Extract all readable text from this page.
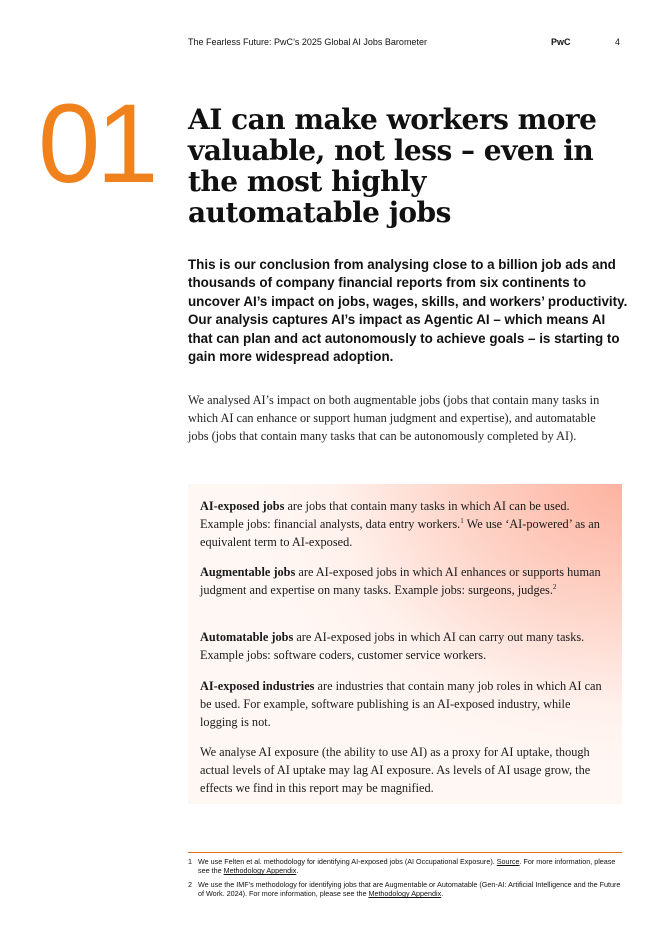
The Fearless Future: PwC’s 2025 Global AI Jobs Barometer	PwC	4
01 AI can make workers more valuable, not less – even in the most highly automatable jobs

This is our conclusion from analysing close to a billion job ads and thousands of company financial reports from six continents to uncover AI’s impact on jobs, wages, skills, and workers’ productivity. Our analysis captures AI’s impact as Agentic AI – which means AI that can plan and act autonomously to achieve goals – is starting to gain more widespread adoption.

We analysed AI’s impact on both augmentable jobs (jobs that contain many tasks in which AI can enhance or support human judgment and expertise), and automatable jobs (jobs that contain many tasks that can be autonomously completed by AI).

AI-exposed jobs are jobs that contain many tasks in which AI can be used. Example jobs: financial analysts, data entry workers.$^1$ We use ‘AI-powered’ as an equivalent term to AI-exposed.

Augmentable jobs are AI-exposed jobs in which AI enhances or supports human judgment and expertise on many tasks. Example jobs: surgeons, judges.$^2$

Automatable jobs are AI-exposed jobs in which AI can carry out many tasks. Example jobs: software coders, customer service workers.

AI-exposed industries are industries that contain many job roles in which AI can be used. For example, software publishing is an AI-exposed industry, while logging is not.

We analyse AI exposure (the ability to use AI) as a proxy for AI uptake, though actual levels of AI uptake may lag AI exposure. As levels of AI usage grow, the effects we find in this report may be magnified.

1 We use Felten et al. methodology for identifying AI-exposed jobs (AI Occupational Exposure). Source. For more information, please see the Methodology Appendix.
2 We use the IMF’s methodology for identifying jobs that are Augmentable or Automatable (Gen-AI: Artificial Intelligence and the Future of Work. 2024). For more information, please see the Methodology Appendix.
